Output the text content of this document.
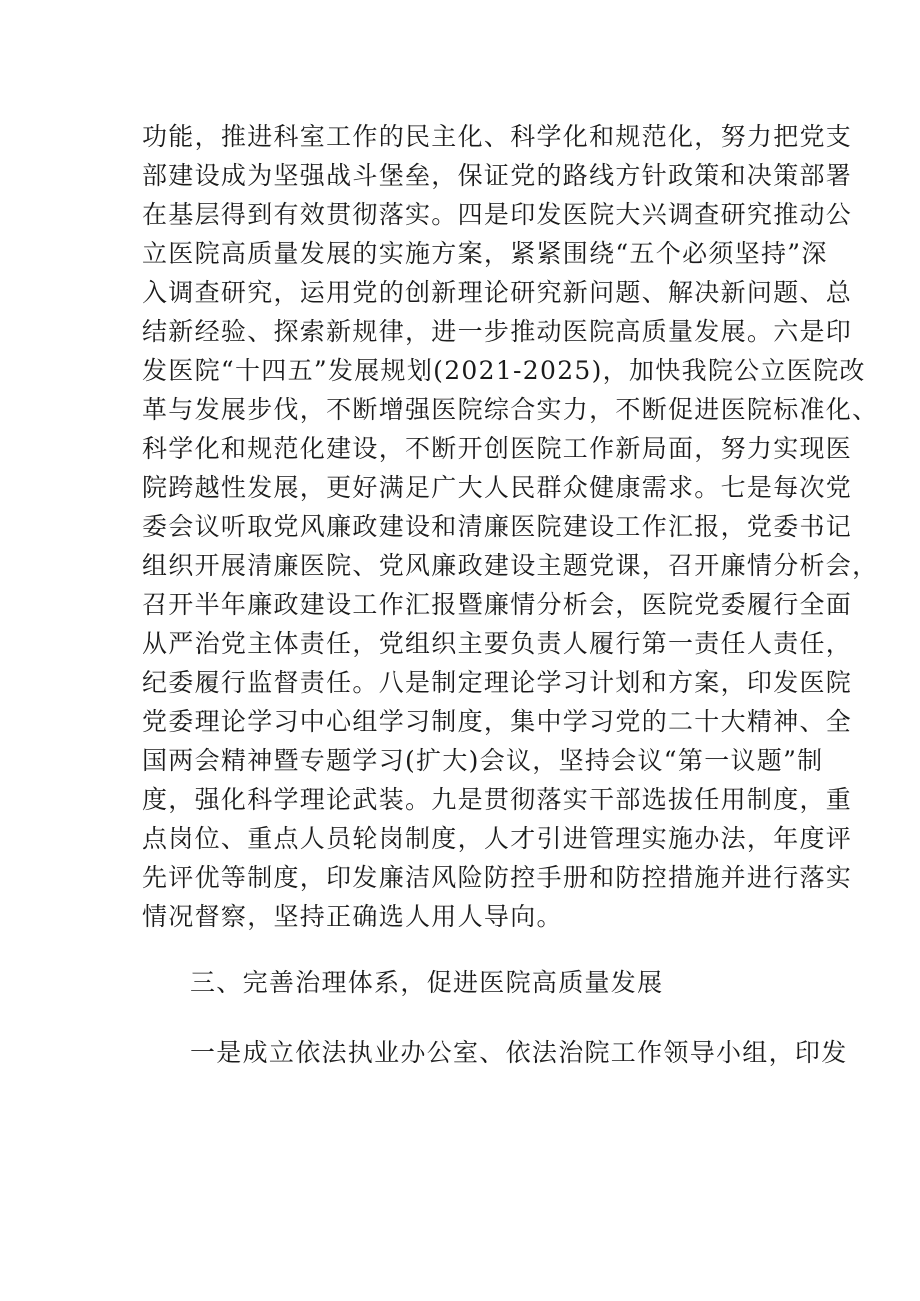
功能，推进科室工作的民主化、科学化和规范化，努力把党支
部建设成为坚强战斗堡垒，保证党的路线方针政策和决策部署
在基层得到有效贯彻落实。四是印发医院大兴调查研究推动公
立医院高质量发展的实施方案，紧紧围绕“五个必须坚持”深
入调查研究，运用党的创新理论研究新问题、解决新问题、总
结新经验、探索新规律，进一步推动医院高质量发展。六是印
发医院“十四五”发展规划(2021-2025)，加快我院公立医院改
革与发展步伐，不断增强医院综合实力，不断促进医院标准化、
科学化和规范化建设，不断开创医院工作新局面，努力实现医
院跨越性发展，更好满足广大人民群众健康需求。七是每次党
委会议听取党风廉政建设和清廉医院建设工作汇报，党委书记
组织开展清廉医院、党风廉政建设主题党课，召开廉情分析会，
召开半年廉政建设工作汇报暨廉情分析会，医院党委履行全面
从严治党主体责任，党组织主要负责人履行第一责任人责任，
纪委履行监督责任。八是制定理论学习计划和方案，印发医院
党委理论学习中心组学习制度，集中学习党的二十大精神、全
国两会精神暨专题学习(扩大)会议，坚持会议“第一议题”制
度，强化科学理论武装。九是贯彻落实干部选拔任用制度，重
点岗位、重点人员轮岗制度，人才引进管理实施办法，年度评
先评优等制度，印发廉洁风险防控手册和防控措施并进行落实
情况督察，坚持正确选人用人导向。
三、完善治理体系，促进医院高质量发展
一是成立依法执业办公室、依法治院工作领导小组，印发
